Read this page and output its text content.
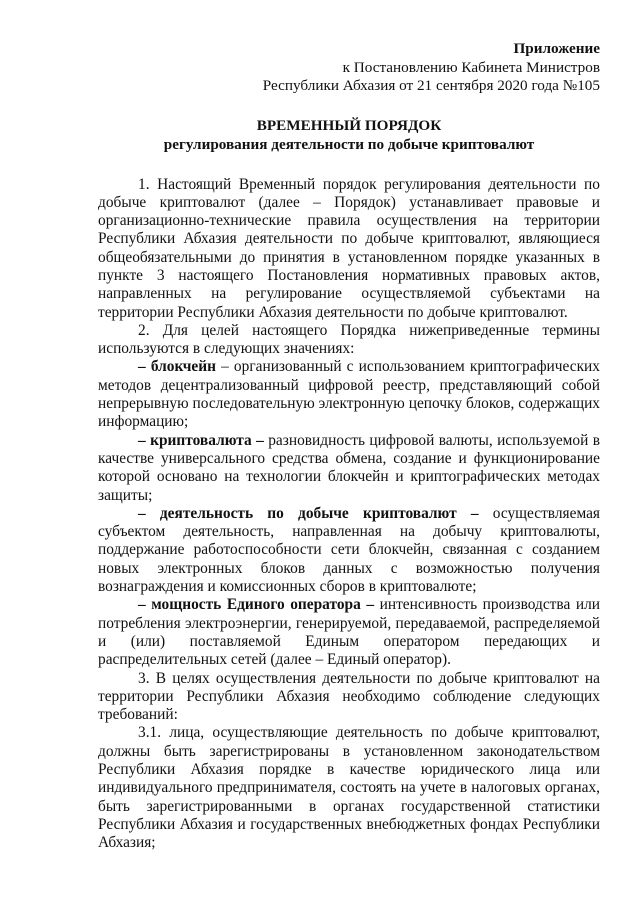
Приложение
к Постановлению Кабинета Министров
Республики Абхазия от 21 сентября 2020 года №105
ВРЕМЕННЫЙ ПОРЯДОК
регулирования деятельности по добыче криптовалют

1. Настоящий Временный порядок регулирования деятельности по добыче криптовалют (далее – Порядок) устанавливает правовые и организационно-технические правила осуществления на территории Республики Абхазия деятельности по добыче криптовалют, являющиеся общеобязательными до принятия в установленном порядке указанных в пункте 3 настоящего Постановления нормативных правовых актов, направленных на регулирование осуществляемой субъектами на территории Республики Абхазия деятельности по добыче криптовалют.

2. Для целей настоящего Порядка нижеприведенные термины используются в следующих значениях:

– блокчейн – организованный с использованием криптографических методов децентрализованный цифровой реестр, представляющий собой непрерывную последовательную электронную цепочку блоков, содержащих информацию;

– криптовалюта – разновидность цифровой валюты, используемой в качестве универсального средства обмена, создание и функционирование которой основано на технологии блокчейн и криптографических методах защиты;

– деятельность по добыче криптовалют – осуществляемая субъектом деятельность, направленная на добычу криптовалюты, поддержание работоспособности сети блокчейн, связанная с созданием новых электронных блоков данных с возможностью получения вознаграждения и комиссионных сборов в криптовалюте;

– мощность Единого оператора – интенсивность производства или потребления электроэнергии, генерируемой, передаваемой, распределяемой и (или) поставляемой Единым оператором передающих и распределительных сетей (далее – Единый оператор).

3. В целях осуществления деятельности по добыче криптовалют на территории Республики Абхазия необходимо соблюдение следующих требований:

3.1. лица, осуществляющие деятельность по добыче криптовалют, должны быть зарегистрированы в установленном законодательством Республики Абхазия порядке в качестве юридического лица или индивидуального предпринимателя, состоять на учете в налоговых органах, быть зарегистрированными в органах государственной статистики Республики Абхазия и государственных внебюджетных фондах Республики Абхазия;
